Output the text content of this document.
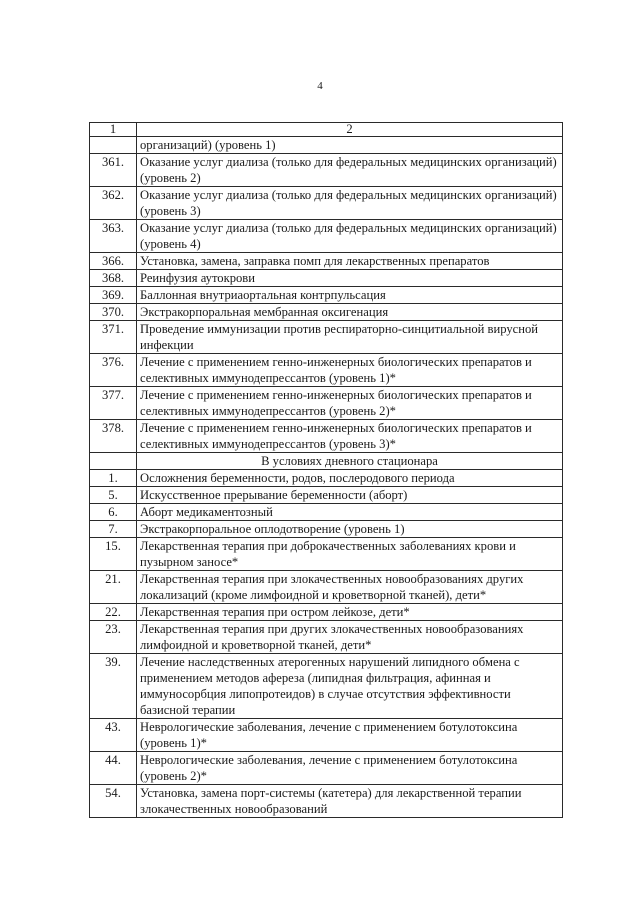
4
1	2
	организаций) (уровень 1)
361.	Оказание услуг диализа (только для федеральных медицинских организаций) (уровень 2)
362.	Оказание услуг диализа (только для федеральных медицинских организаций) (уровень 3)
363.	Оказание услуг диализа (только для федеральных медицинских организаций) (уровень 4)
366.	Установка, замена, заправка помп для лекарственных препаратов
368.	Реинфузия аутокрови
369.	Баллонная внутриаортальная контрпульсация
370.	Экстракорпоральная мембранная оксигенация
371.	Проведение иммунизации против респираторно-синцитиальной вирусной инфекции
376.	Лечение с применением генно-инженерных биологических препаратов и селективных иммунодепрессантов (уровень 1)*
377.	Лечение с применением генно-инженерных биологических препаратов и селективных иммунодепрессантов (уровень 2)*
378.	Лечение с применением генно-инженерных биологических препаратов и селективных иммунодепрессантов (уровень 3)*
	В условиях дневного стационара
1.	Осложнения беременности, родов, послеродового периода
5.	Искусственное прерывание беременности (аборт)
6.	Аборт медикаментозный
7.	Экстракорпоральное оплодотворение (уровень 1)
15.	Лекарственная терапия при доброкачественных заболеваниях крови и пузырном заносе*
21.	Лекарственная терапия при злокачественных новообразованиях других локализаций (кроме лимфоидной и кроветворной тканей), дети*
22.	Лекарственная терапия при остром лейкозе, дети*
23.	Лекарственная терапия при других злокачественных новообразованиях лимфоидной и кроветворной тканей, дети*
39.	Лечение наследственных атерогенных нарушений липидного обмена с применением методов афереза (липидная фильтрация, афинная и иммуносорбция липопротеидов) в случае отсутствия эффективности базисной терапии
43.	Неврологические заболевания, лечение с применением ботулотоксина (уровень 1)*
44.	Неврологические заболевания, лечение с применением ботулотоксина (уровень 2)*
54.	Установка, замена порт-системы (катетера) для лекарственной терапии злокачественных новообразований
